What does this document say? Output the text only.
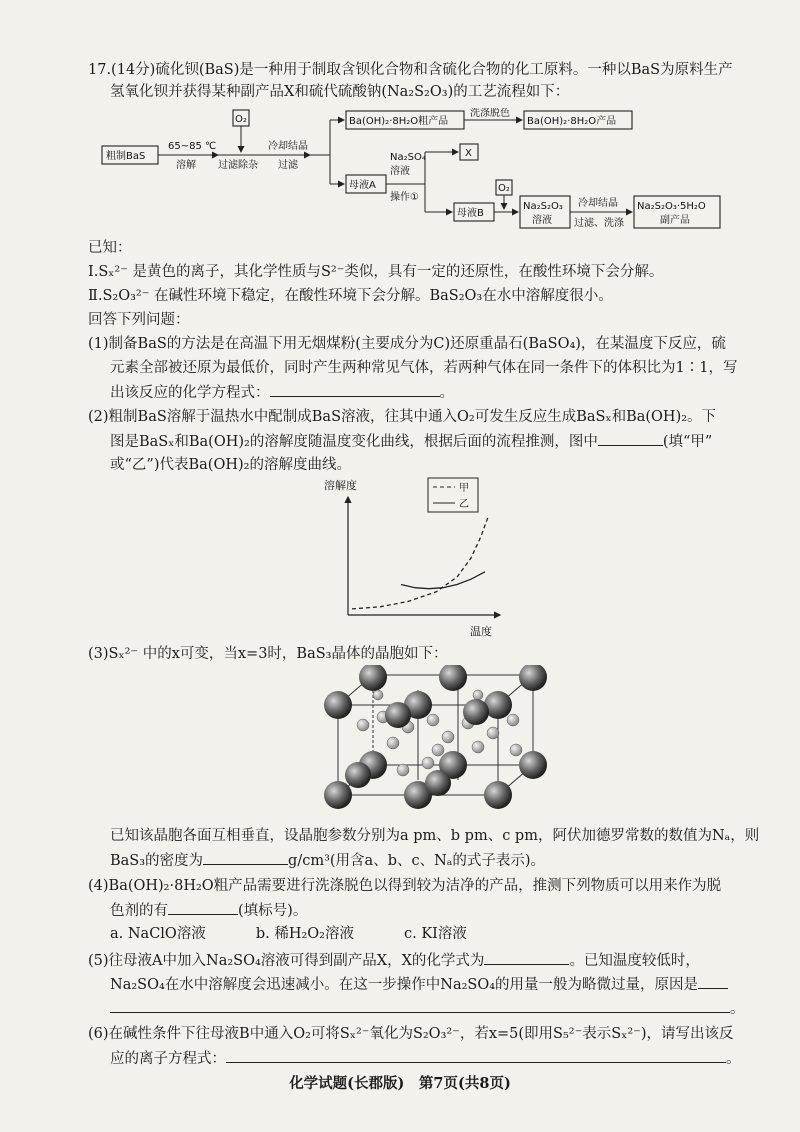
17.(14分)硫化钡(BaS)是一种用于制取含钡化合物和含硫化合物的化工原料。一种以BaS为原料生产
氢氧化钡并获得某种副产品X和硫代硫酸钠(Na₂S₂O₃)的工艺流程如下：
粗制BaS
65~85 ℃
溶解
O₂
过滤除杂
冷却结晶
过滤
Ba(OH)₂·8H₂O粗产品
洗涤脱色
Ba(OH)₂·8H₂O产品
母液A
Na₂SO₄
溶液
操作①
X
母液B
O₂
Na₂S₂O₃
溶液
冷却结晶
过滤、洗涤
Na₂S₂O₃·5H₂O
副产品
已知：
Ⅰ.Sₓ²⁻ 是黄色的离子，其化学性质与S²⁻类似，具有一定的还原性，在酸性环境下会分解。
Ⅱ.S₂O₃²⁻ 在碱性环境下稳定，在酸性环境下会分解。BaS₂O₃在水中溶解度很小。
回答下列问题：
(1)制备BaS的方法是在高温下用无烟煤粉(主要成分为C)还原重晶石(BaSO₄)，在某温度下反应，硫
元素全部被还原为最低价，同时产生两种常见气体，若两种气体在同一条件下的体积比为1∶1，写
出该反应的化学方程式：	。
(2)粗制BaS溶解于温热水中配制成BaS溶液，往其中通入O₂可发生反应生成BaSₓ和Ba(OH)₂。下
图是BaSₓ和Ba(OH)₂的溶解度随温度变化曲线，根据后面的流程推测，图中	(填“甲”
或“乙”)代表Ba(OH)₂的溶解度曲线。
溶解度
温度
甲
乙
(3)Sₓ²⁻ 中的x可变，当x=3时，BaS₃晶体的晶胞如下：
已知该晶胞各面互相垂直，设晶胞参数分别为a pm、b pm、c pm，阿伏加德罗常数的数值为Nₐ，则
BaS₃的密度为	g/cm³(用含a、b、c、Nₐ的式子表示)。
(4)Ba(OH)₂·8H₂O粗产品需要进行洗涤脱色以得到较为洁净的产品，推测下列物质可以用来作为脱
色剂的有	(填标号)。
a. NaClO溶液	b. 稀H₂O₂溶液	c. KI溶液
(5)往母液A中加入Na₂SO₄溶液可得到副产品X，X的化学式为	。已知温度较低时，
Na₂SO₄在水中溶解度会迅速减小。在这一步操作中Na₂SO₄的用量一般为略微过量，原因是
。
(6)在碱性条件下往母液B中通入O₂可将Sₓ²⁻氧化为S₂O₃²⁻，若x=5(即用S₅²⁻表示Sₓ²⁻)，请写出该反
应的离子方程式：	。
化学试题(长郡版)　第7页(共8页)
